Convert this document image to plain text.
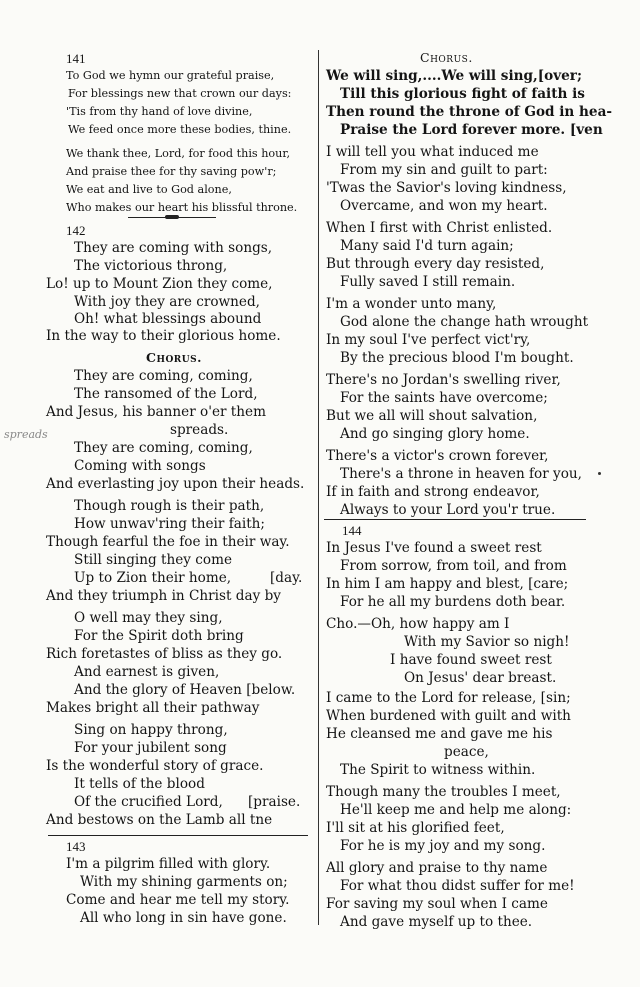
141
To God we hymn our grateful praise,
For blessings new that crown our days:
'Tis from thy hand of love divine,
We feed once more these bodies, thine.
We thank thee, Lord, for food this hour,
And praise thee for thy saving pow'r;
We eat and live to God alone,
Who makes our heart his blissful throne.
142
They are coming with songs,
The victorious throng,
Lo! up to Mount Zion they come,
With joy they are crowned,
Oh! what blessings abound
In the way to their glorious home.
Chorus.
They are coming, coming,
The ransomed of the Lord,
And Jesus, his banner o'er them
spreads.
They are coming, coming,
Coming with songs
And everlasting joy upon their heads.
spreads
Though rough is their path,
How unwav'ring their faith;
Though fearful the foe in their way.
Still singing they come
Up to Zion their home,	[day.
And they triumph in Christ day by
O well may they sing,
For the Spirit doth bring
Rich foretastes of bliss as they go.
And earnest is given,
And the glory of Heaven [below.
Makes bright all their pathway
Sing on happy throng,
For your jubilent song
Is the wonderful story of grace.
It tells of the blood
Of the crucified Lord, [praise.
And bestows on the Lamb all tne
143
I'm a pilgrim filled with glory.
With my shining garments on;
Come and hear me tell my story.
All who long in sin have gone.
Chorus.
We will sing,....We will sing,[over;
Till this glorious fight of faith is
Then round the throne of God in hea-
Praise the Lord forever more. [ven
I will tell you what induced me
From my sin and guilt to part:
'Twas the Savior's loving kindness,
Overcame, and won my heart.
When I first with Christ enlisted.
Many said I'd turn again;
But through every day resisted,
Fully saved I still remain.
I'm a wonder unto many,
God alone the change hath wrought
In my soul I've perfect vict'ry,
By the precious blood I'm bought.
There's no Jordan's swelling river,
For the saints have overcome;
But we all will shout salvation,
And go singing glory home.
There's a victor's crown forever,
There's a throne in heaven for you,
If in faith and strong endeavor,
Always to your Lord you'r true.
144
In Jesus I've found a sweet rest
From sorrow, from toil, and from
In him I am happy and blest, [care;
For he all my burdens doth bear.
Cho.—Oh, how happy am I
With my Savior so nigh!
I have found sweet rest
On Jesus' dear breast.
I came to the Lord for release, [sin;
When burdened with guilt and with
He cleansed me and gave me his
peace,
The Spirit to witness within.
Though many the troubles I meet,
He'll keep me and help me along:
I'll sit at his glorified feet,
For he is my joy and my song.
All glory and praise to thy name
For what thou didst suffer for me!
For saving my soul when I came
And gave myself up to thee.
